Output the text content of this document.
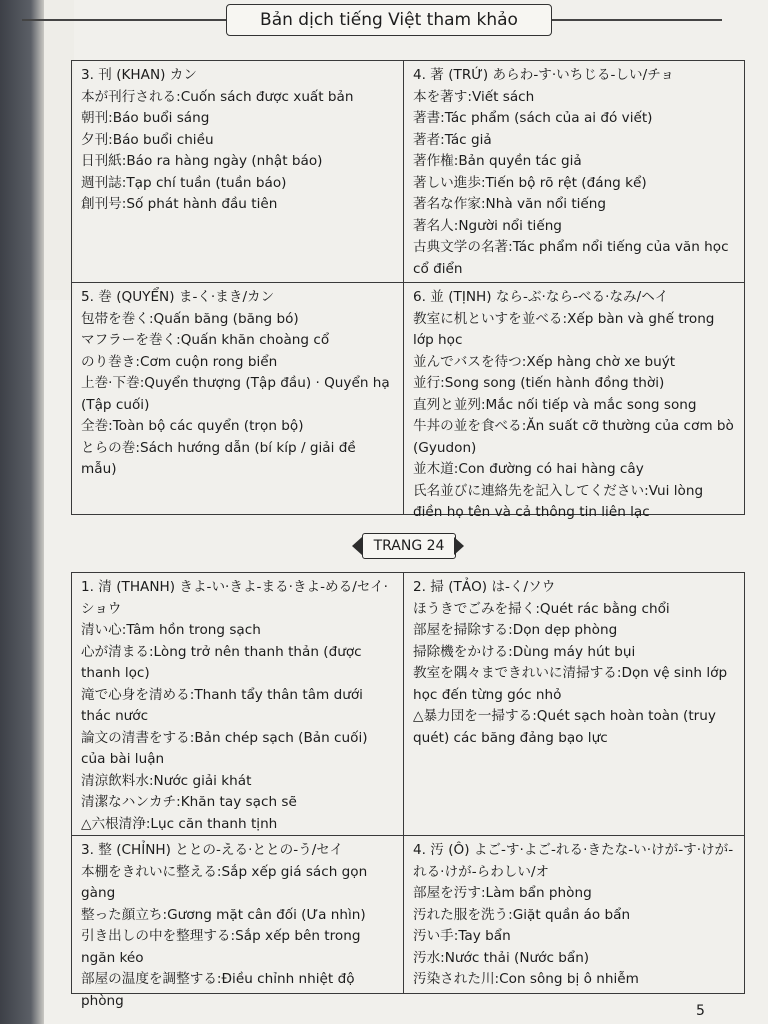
Bản dịch tiếng Việt tham khảo
3. 刊 (KHAN) カン
本が刊行される:Cuốn sách được xuất bản
朝刊:Báo buổi sáng
夕刊:Báo buổi chiều
日刊紙:Báo ra hàng ngày (nhật báo)
週刊誌:Tạp chí tuần (tuần báo)
創刊号:Số phát hành đầu tiên
4. 著 (TRỨ) あらわ-す·いちじる-しい/チョ
本を著す:Viết sách
著書:Tác phẩm (sách của ai đó viết)
著者:Tác giả
著作権:Bản quyền tác giả
著しい進歩:Tiến bộ rõ rệt (đáng kể)
著名な作家:Nhà văn nổi tiếng
著名人:Người nổi tiếng
古典文学の名著:Tác phẩm nổi tiếng của văn học cổ điển
5. 巻 (QUYỂN) ま-く·まき/カン
包帯を巻く:Quấn băng (băng bó)
マフラーを巻く:Quấn khăn choàng cổ
のり巻き:Cơm cuộn rong biển
上巻·下巻:Quyển thượng (Tập đầu) · Quyển hạ (Tập cuối)
全巻:Toàn bộ các quyển (trọn bộ)
とらの巻:Sách hướng dẫn (bí kíp / giải đề mẫu)
6. 並 (TỊNH) なら-ぶ·なら-べる·なみ/ヘイ
教室に机といすを並べる:Xếp bàn và ghế trong lớp học
並んでバスを待つ:Xếp hàng chờ xe buýt
並行:Song song (tiến hành đồng thời)
直列と並列:Mắc nối tiếp và mắc song song
牛丼の並を食べる:Ăn suất cỡ thường của cơm bò (Gyudon)
並木道:Con đường có hai hàng cây
氏名並びに連絡先を記入してください:Vui lòng điền họ tên và cả thông tin liên lạc
TRANG 24
1. 清 (THANH) きよ-い·きよ-まる·きよ-める/セイ·ショウ
清い心:Tâm hồn trong sạch
心が清まる:Lòng trở nên thanh thản (được thanh lọc)
滝で心身を清める:Thanh tẩy thân tâm dưới thác nước
論文の清書をする:Bản chép sạch (Bản cuối) của bài luận
清涼飲料水:Nước giải khát
清潔なハンカチ:Khăn tay sạch sẽ
△六根清浄:Lục căn thanh tịnh
2. 掃 (TẢO) は-く/ソウ
ほうきでごみを掃く:Quét rác bằng chổi
部屋を掃除する:Dọn dẹp phòng
掃除機をかける:Dùng máy hút bụi
教室を隅々まできれいに清掃する:Dọn vệ sinh lớp học đến từng góc nhỏ
△暴力団を一掃する:Quét sạch hoàn toàn (truy quét) các băng đảng bạo lực
3. 整 (CHỈNH) ととの-える·ととの-う/セイ
本棚をきれいに整える:Sắp xếp giá sách gọn gàng
整った顔立ち:Gương mặt cân đối (Ưa nhìn)
引き出しの中を整理する:Sắp xếp bên trong ngăn kéo
部屋の温度を調整する:Điều chỉnh nhiệt độ phòng
4. 汚 (Ô) よご-す·よご-れる·きたな-い·けが-す·けが-れる·けが-らわしい/オ
部屋を汚す:Làm bẩn phòng
汚れた服を洗う:Giặt quần áo bẩn
汚い手:Tay bẩn
汚水:Nước thải (Nước bẩn)
汚染された川:Con sông bị ô nhiễm
5
